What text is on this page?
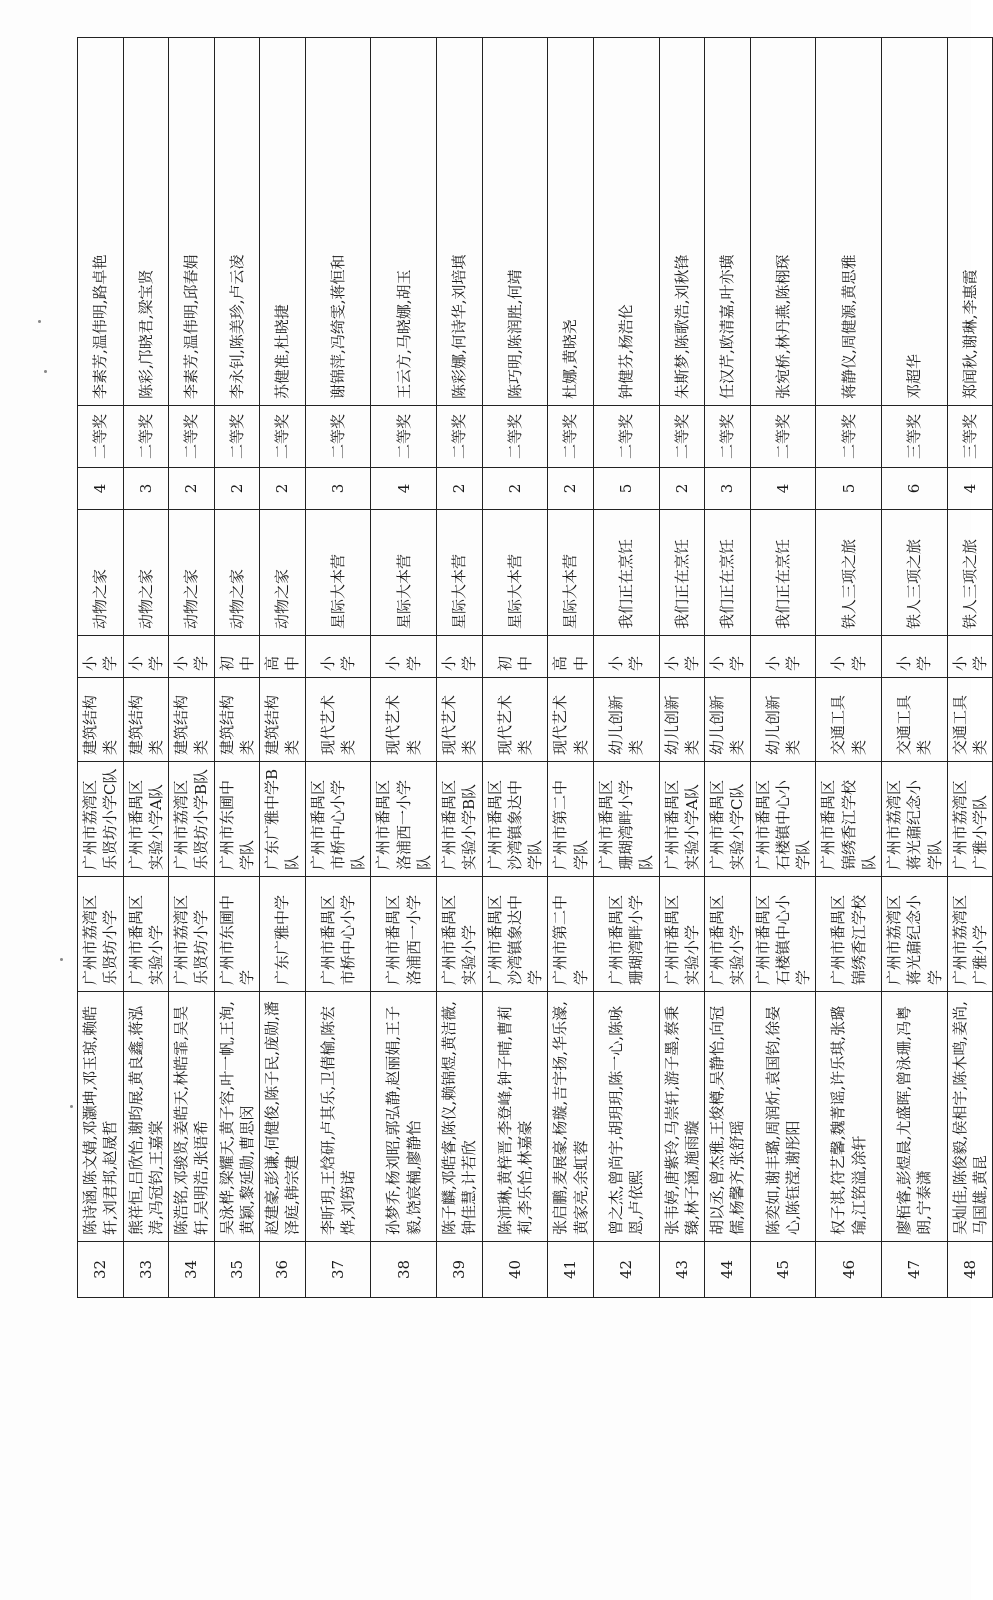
32	陈诗涵,陈文婧,邓灏坤,邓玉琼,赖皓轩,刘君邦,赵晟哲	广州市荔湾区乐贤坊小学	广州市荔湾区乐贤坊小学C队	建筑结构类	小学	动物之家	4	二等奖	李素芳,温伟明,路卓艳
33	熊祥恒,吕欣怡,谢昀展,黄良鑫,蒋泓涛,冯冠钧,王嘉棠	广州市番禺区实验小学	广州市番禺区实验小学A队	建筑结构类	小学	动物之家	3	二等奖	陈彩,邝晓君,梁宝贤
34	陈浩铭,邓骏贤,姜皓天,林皓霏,吴昊轩,吴明浩,张语希	广州市荔湾区乐贤坊小学	广州市荔湾区乐贤坊小学B队	建筑结构类	小学	动物之家	2	二等奖	李素芳,温伟明,邱春娟
35	吴泳桦,梁耀天,黄子容,叶一帆,王洵,黄颖,黎延勋,曹思闵	广州市东圃中学	广州市东圃中学队	建筑结构类	初中	动物之家	2	二等奖	李永钊,陈美珍,卢云凌
36	赵建豪,彭谦,何健俊,陈子民,庞勋,潘泽庭,韩宗建	广东广雅中学	广东广雅中学B队	建筑结构类	高中	动物之家	2	二等奖	苏健准,杜晓捷
37	李昕玥,王焓研,卢其乐,卫倩榆,陈宏烨,刘筠诺	广州市番禺区市桥中心小学	广州市番禺区市桥中心小学队	现代艺术类	小学	星际大本营	3	二等奖	谢锦萍,冯绮雯,蒋恒和
38	孙梦乔,杨刘昭,郭弘静,赵丽娟,王子毅,饶宸楠,廖静怡	广州市番禺区洛浦西一小学	广州市番禺区洛浦西一小学队	现代艺术类	小学	星际大本营	4	二等奖	王云方,马晓娜,胡玉
39	陈子麟,邓皓睿,陈仪,赖锦煜,黄洁薇,钟佳慧,计若欣	广州市番禺区实验小学	广州市番禺区实验小学B队	现代艺术类	小学	星际大本营	2	二等奖	陈彩娜,何诗华,刘培填
40	陈沛琳,黄梓晋,李登峰,钟子晴,曹莉莉,李乐怡,林嘉豪	广州市番禺区沙湾镇象达中学	广州市番禺区沙湾镇象达中学队	现代艺术类	初中	星际大本营	2	二等奖	陈巧明,陈润胜,何靖
41	张启鹏,麦展豪,杨璇,吉宇扬,华乐濠,黄家亮,余虹蓉	广州市第二中学	广州市第二中学队	现代艺术类	高中	星际大本营	2	二等奖	杜娜,黄晓尧
42	曾之杰,曾尚宇,胡玥玥,陈一心,陈咏恩,卢依熙	广州市番禺区珊瑚湾畔小学	广州市番禺区珊瑚湾畔小学队	幼儿创新类	小学	我们正在烹饪	5	二等奖	钟健芬,杨浩伦
43	张韦婷,唐紫玲,马崇轩,游子墨,蔡秉臻,林子涵,施雨璇	广州市番禺区实验小学	广州市番禺区实验小学A队	幼儿创新类	小学	我们正在烹饪	2	二等奖	朱斯梦,陈歌浩,刘秋锋
44	胡以丞,曾杰雅,王焌樽,吴静怡,向冠儒,杨馨齐,张舒瑶	广州市番禺区实验小学	广州市番禺区实验小学C队	幼儿创新类	小学	我们正在烹饪	3	二等奖	任汉芹,欧清嘉,叶亦璜
45	陈奕如,谢丰璐,周润炘,袁国钧,徐晏心,陈钰滢,谢彤阳	广州市番禺区石楼镇中心小学	广州市番禺区石楼镇中心小学队	幼儿创新类	小学	我们正在烹饪	4	二等奖	张宛桥,林丹燕,陈栩琛
46	权子淇,符艺馨,魏菁谣,许乐琪,张璐瑜,江铭溢,涂轩	广州市番禺区锦绣香江学校	广州市番禺区锦绣香江学校队	交通工具类	小学	铁人三项之旅	5	二等奖	蒋静仪,周健源,黄思雅
47	廖栢睿,彭煜晨,尤盛晖,曾泳珊,冯粤朗,宁泰潇	广州市荔湾区蒋光鼐纪念小学	广州市荔湾区蒋光鼐纪念小学队	交通工具类	小学	铁人三项之旅	6	三等奖	邓超华
48	吴灿佳,陈俊毅,侯相宇,陈木鸣,姜尚,马国雄,黄昆	广州市荔湾区广雅小学	广州市荔湾区广雅小学队	交通工具类	小学	铁人三项之旅	4	三等奖	郑闻秋,谢琳,李惠霞
